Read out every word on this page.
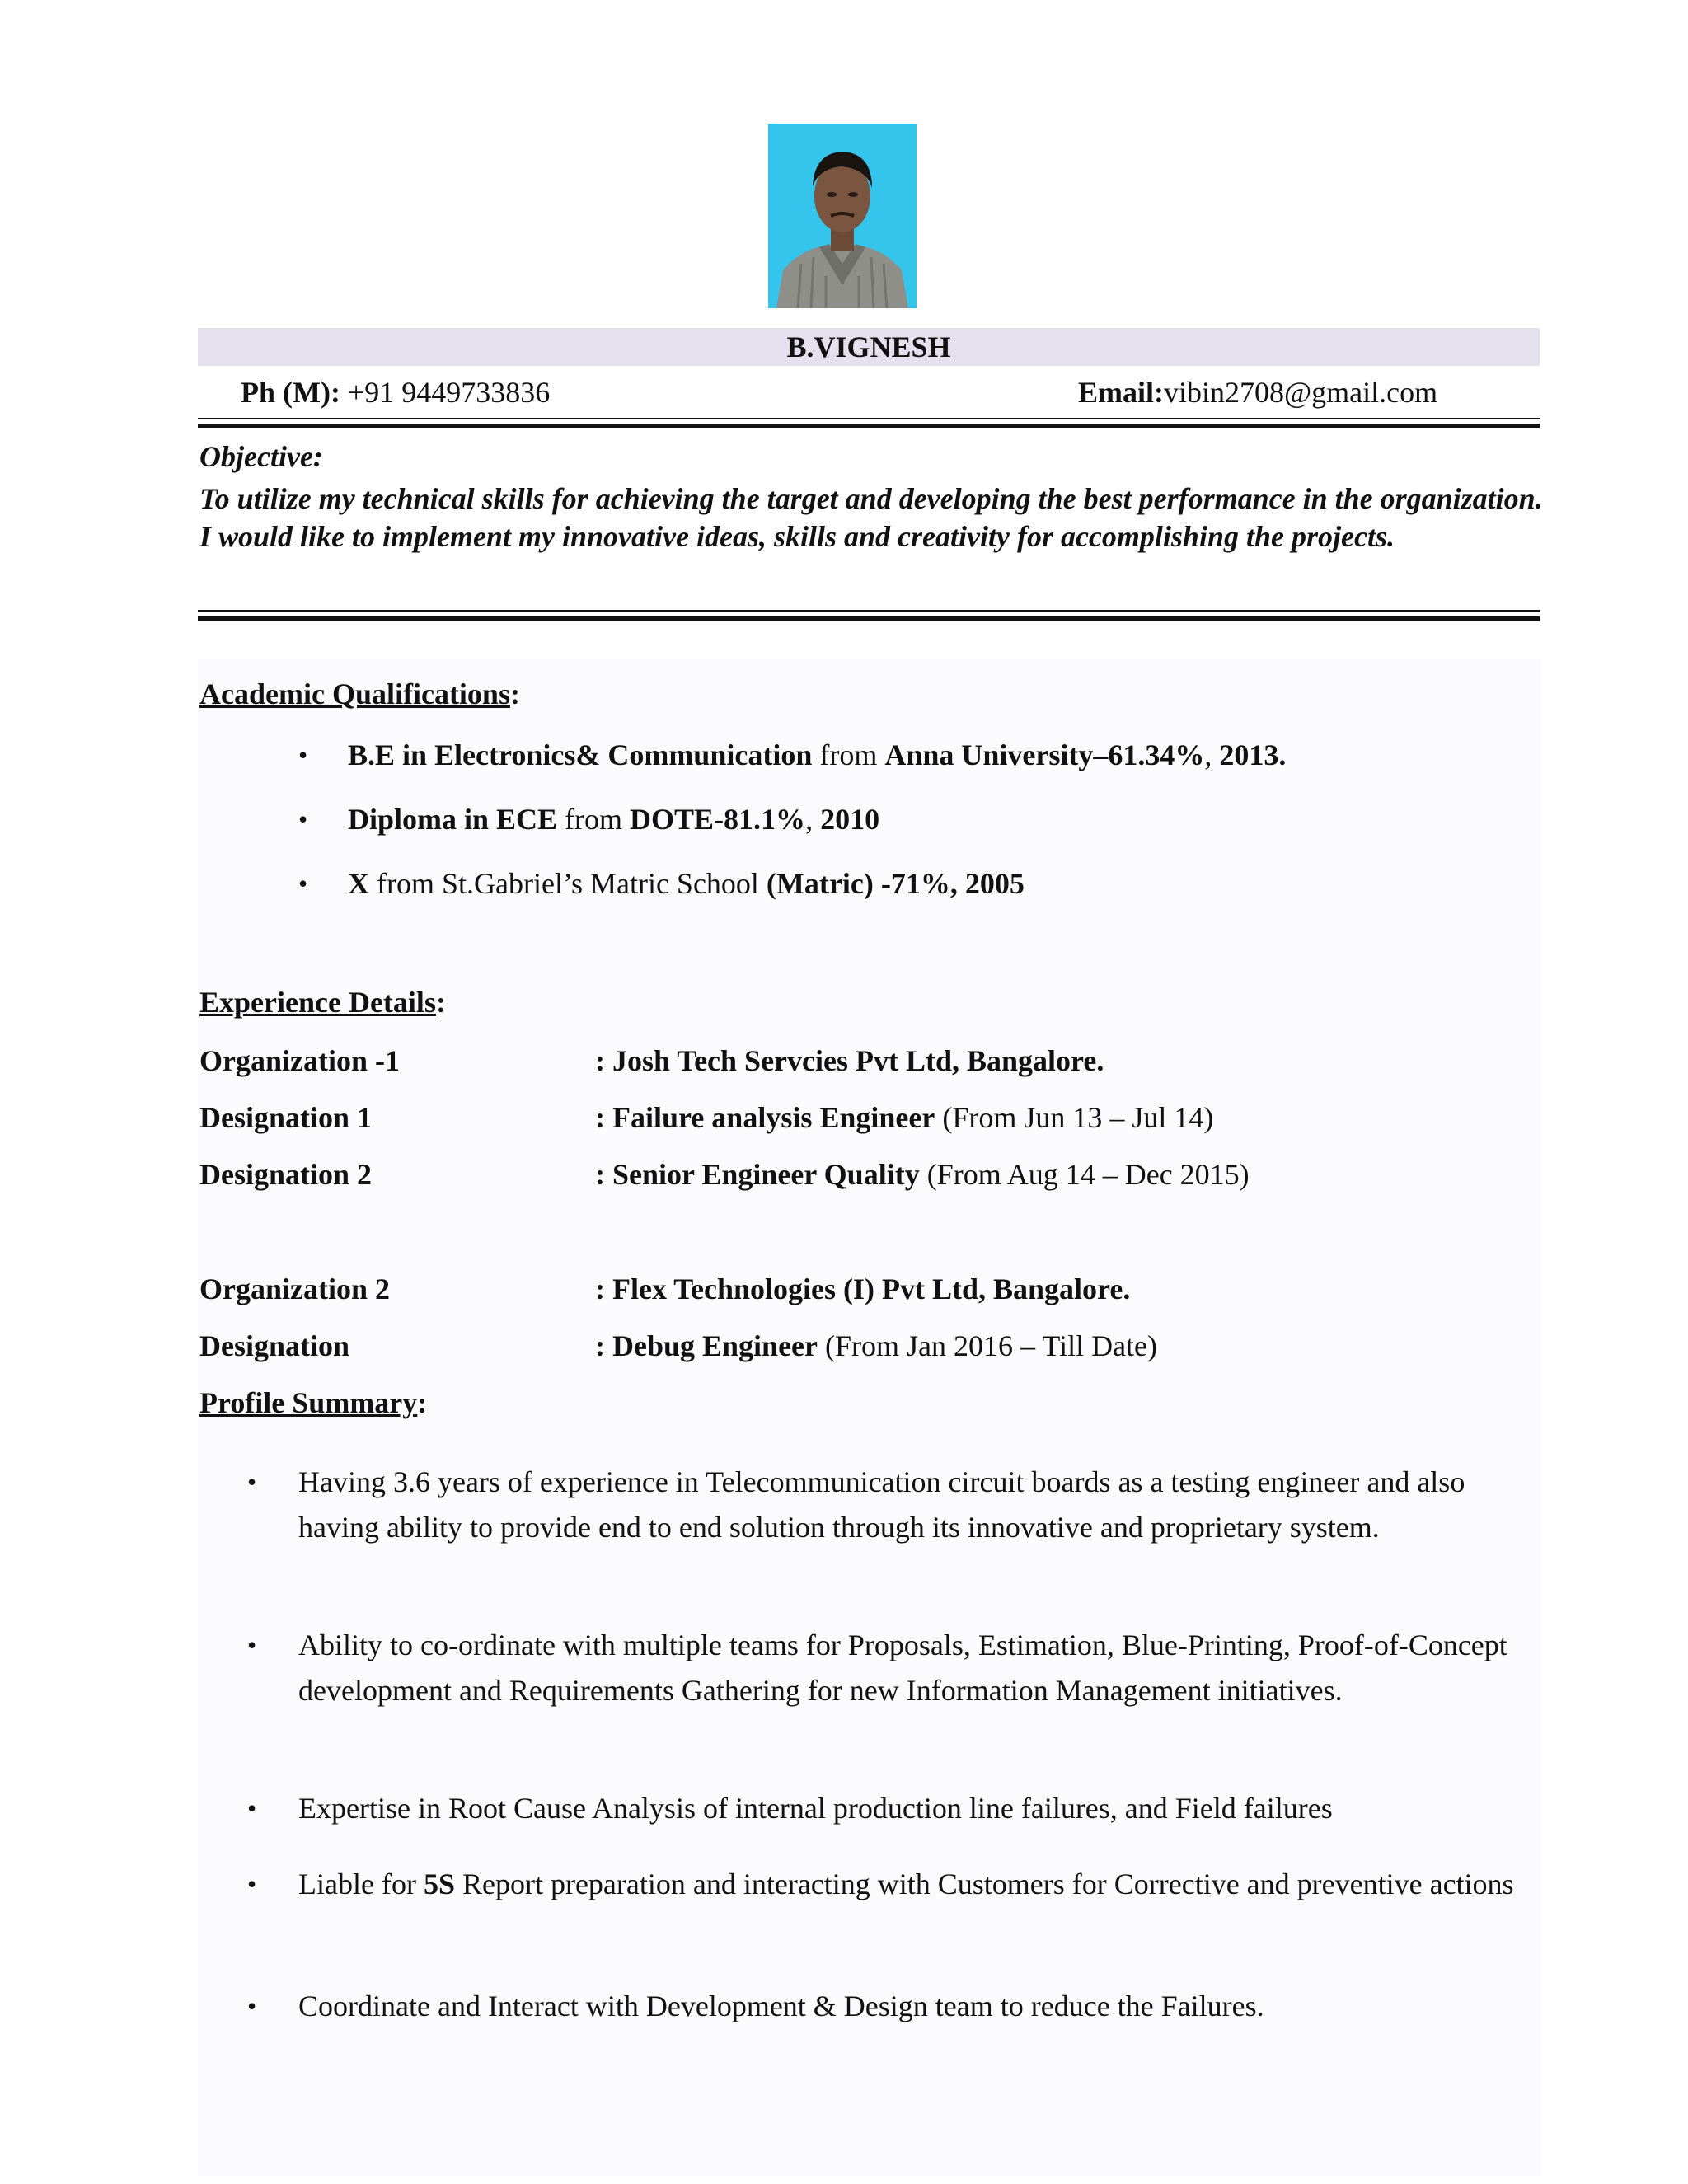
B.VIGNESH
Ph (M): +91 9449733836	Email:vibin2708@gmail.com
Objective:
To utilize my technical skills for achieving the target and developing the best performance in the organization. I would like to implement my innovative ideas, skills and creativity for accomplishing the projects.
Academic Qualifications:
• B.E in Electronics& Communication from Anna University–61.34%, 2013.
• Diploma in ECE from DOTE-81.1%, 2010
• X from St.Gabriel’s Matric School (Matric) -71%, 2005
Experience Details:
Organization -1	: Josh Tech Servcies Pvt Ltd, Bangalore.
Designation 1	: Failure analysis Engineer (From Jun 13 – Jul 14)
Designation 2	: Senior Engineer Quality (From Aug 14 – Dec 2015)
Organization 2	: Flex Technologies (I) Pvt Ltd, Bangalore.
Designation	: Debug Engineer (From Jan 2016 – Till Date)
Profile Summary:
• Having 3.6 years of experience in Telecommunication circuit boards as a testing engineer and also having ability to provide end to end solution through its innovative and proprietary system.
• Ability to co-ordinate with multiple teams for Proposals, Estimation, Blue-Printing, Proof-of-Concept development and Requirements Gathering for new Information Management initiatives.
• Expertise in Root Cause Analysis of internal production line failures, and Field failures
• Liable for 5S Report preparation and interacting with Customers for Corrective and preventive actions
• Coordinate and Interact with Development & Design team to reduce the Failures.
